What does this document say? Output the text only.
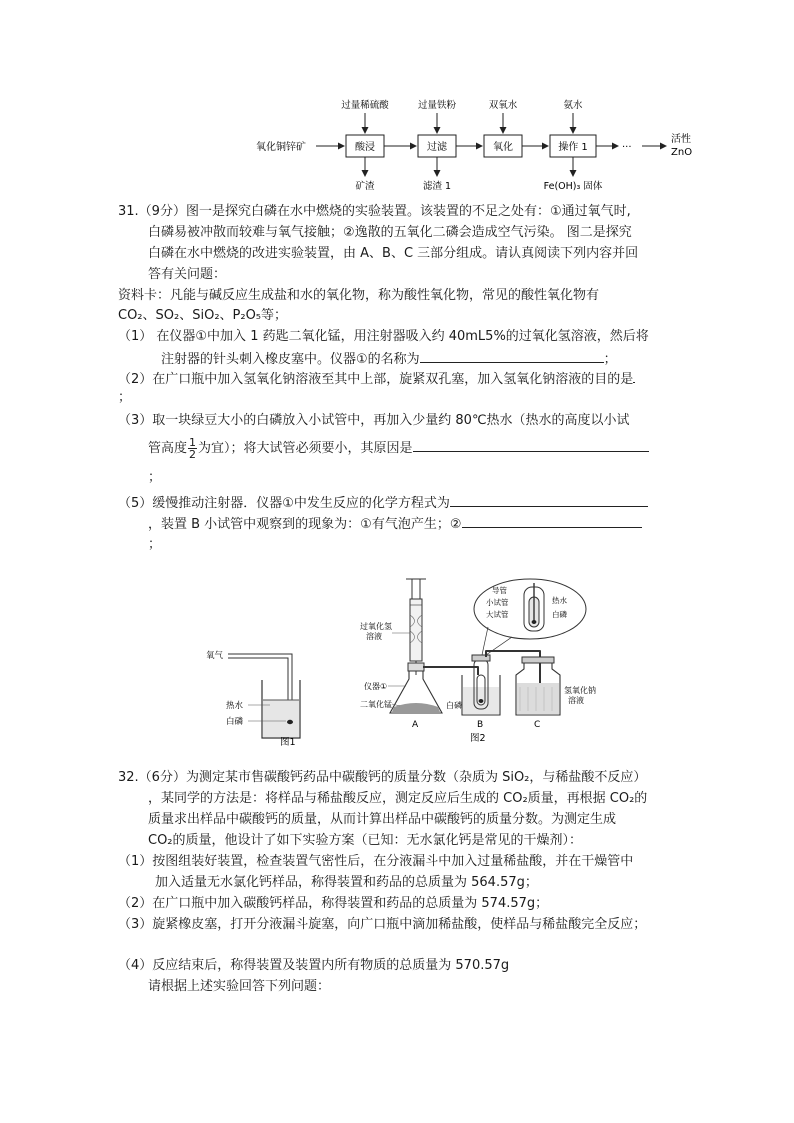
氧化铜锌矿	酸浸	过滤	氧化	操作 1	···
活性
ZnO
过量稀硫酸	过量铁粉	双氧水	氨水
矿渣	滤渣 1	Fe(OH)₃ 固体
31.（9分）图一是探究白磷在水中燃烧的实验装置。该装置的不足之处有：①通过氧气时,
白磷易被冲散而较难与氧气接触；②逸散的五氧化二磷会造成空气污染。 图二是探究
白磷在水中燃烧的改进实验装置，由 A、B、C 三部分组成。请认真阅读下列内容并回
答有关问题：
资料卡：凡能与碱反应生成盐和水的氧化物，称为酸性氧化物，常见的酸性氧化物有
CO₂、SO₂、SiO₂、P₂O₅等；
（1） 在仪器①中加入 1 药匙二氧化锰，用注射器吸入约 40mL5%的过氧化氢溶液，然后将
注射器的针头刺入橡皮塞中。仪器①的名称为	；
（2）在广口瓶中加入氢氧化钠溶液至其中上部，旋紧双孔塞，加入氢氧化钠溶液的目的是
；
（3）取一块绿豆大小的白磷放入小试管中，再加入少量约 80℃热水（热水的高度以小试
管高度 $\frac{1}{2}$ 为宜）；将大试管必须要小，其原因是
；
（5）缓慢推动注射器．仪器①中发生反应的化学方程式为
，装置 B 小试管中观察到的现象为：①有气泡产生；②
；
氧气
热水
白磷
图1
过氧化氢
溶液
仪器①
二氧化锰	白磷
氢氧化钠
溶液
导管
小试管
大试管
热水
白磷
A	B	C
图2
32.（6分）为测定某市售碳酸钙药品中碳酸钙的质量分数（杂质为 SiO₂，与稀盐酸不反应）
，某同学的方法是：将样品与稀盐酸反应，测定反应后生成的 CO₂质量，再根据 CO₂的
质量求出样品中碳酸钙的质量，从而计算出样品中碳酸钙的质量分数。为测定生成
CO₂的质量，他设计了如下实验方案（已知：无水氯化钙是常见的干燥剂）：
（1）按图组装好装置，检查装置气密性后，在分液漏斗中加入过量稀盐酸，并在干燥管中
加入适量无水氯化钙样品，称得装置和药品的总质量为 564.57g；
（2）在广口瓶中加入碳酸钙样品，称得装置和药品的总质量为 574.57g；
（3）旋紧橡皮塞，打开分液漏斗旋塞，向广口瓶中滴加稀盐酸，使样品与稀盐酸完全反应；
（4）反应结束后，称得装置及装置内所有物质的总质量为 570.57g
请根据上述实验回答下列问题：
